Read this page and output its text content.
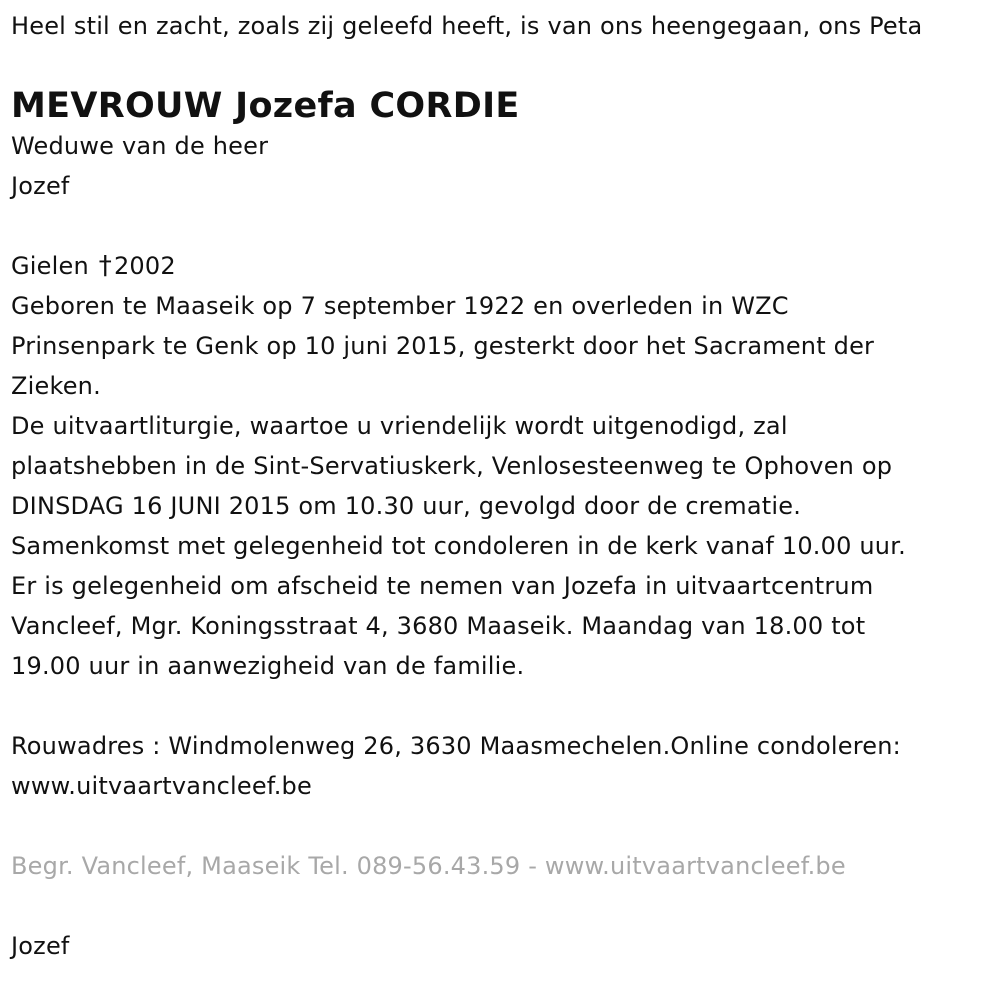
Heel stil en zacht, zoals zij geleefd heeft, is van ons heengegaan, ons Peta
MEVROUW Jozefa CORDIE
Weduwe van de heer
Jozef
Gielen †2002
Geboren te Maaseik op 7 september 1922 en overleden in WZC
Prinsenpark te Genk op 10 juni 2015, gesterkt door het Sacrament der
Zieken.
De uitvaartliturgie, waartoe u vriendelijk wordt uitgenodigd, zal
plaatshebben in de Sint-Servatiuskerk, Venlosesteenweg te Ophoven op
DINSDAG 16 JUNI 2015 om 10.30 uur, gevolgd door de crematie.
Samenkomst met gelegenheid tot condoleren in de kerk vanaf 10.00 uur.
Er is gelegenheid om afscheid te nemen van Jozefa in uitvaartcentrum
Vancleef, Mgr. Koningsstraat 4, 3680 Maaseik. Maandag van 18.00 tot
19.00 uur in aanwezigheid van de familie.
Rouwadres : Windmolenweg 26, 3630 Maasmechelen.Online condoleren:
www.uitvaartvancleef.be
Begr. Vancleef, Maaseik Tel. 089-56.43.59 - www.uitvaartvancleef.be
Jozef
